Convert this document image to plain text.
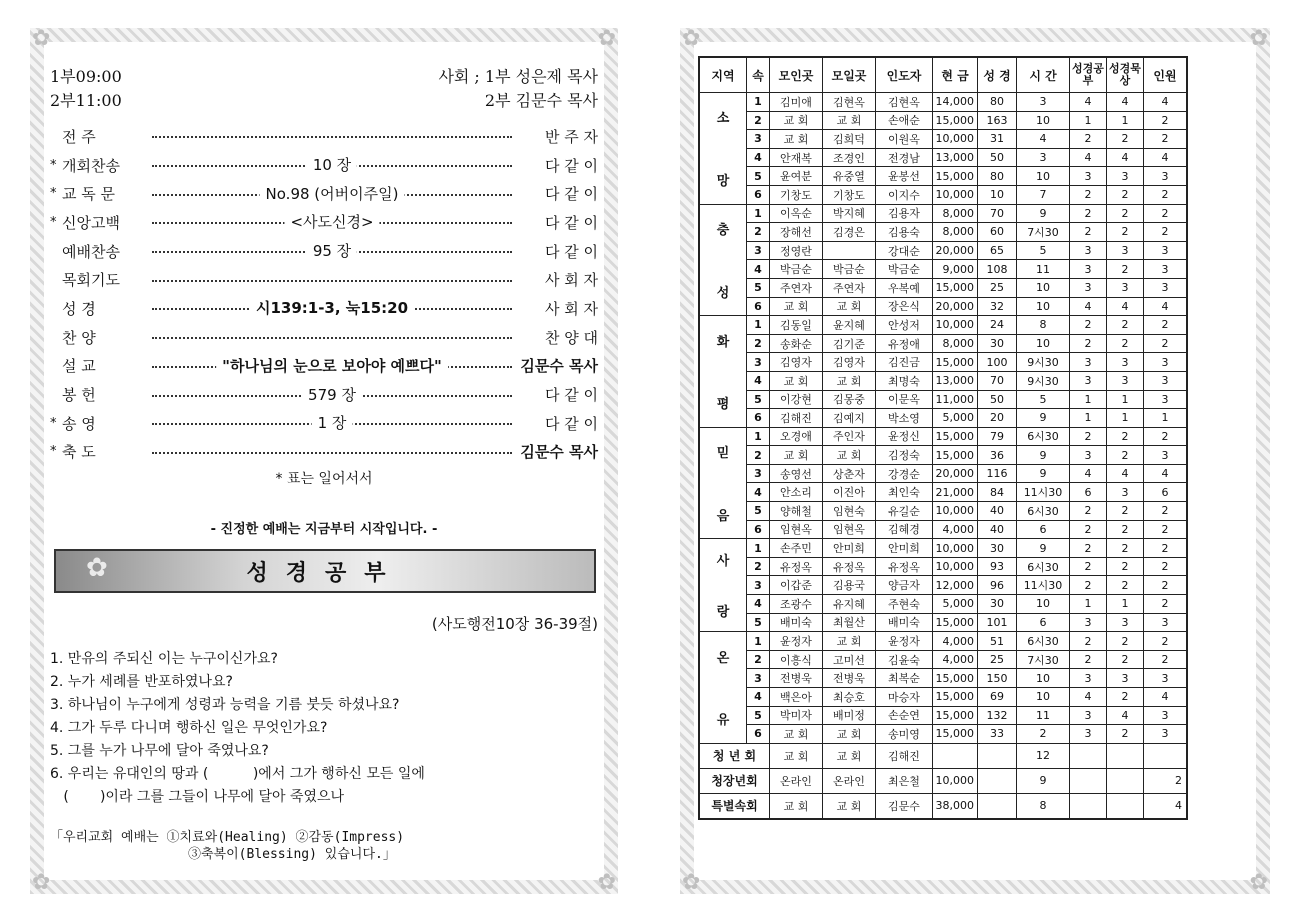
✿	✿
✿	✿
1부09:00	사회 ; 1부 성은제 목사
2부11:00	2부 김문수 목사
전 주	반 주 자
* 개회찬송	10 장	다 같 이
* 교 독 문	No.98 (어버이주일)	다 같 이
* 신앙고백	<사도신경>	다 같 이
예배찬송	95 장	다 같 이
목회기도	사 회 자
성 경	시139:1-3, 눅15:20	사 회 자
찬 양	찬 양 대
설 교	"하나님의 눈으로 보아야 예쁘다"	김문수 목사
봉 헌	579 장	다 같 이
* 송 영	1 장	다 같 이
* 축 도	김문수 목사
* 표는 일어서서
- 진정한 예배는 지금부터 시작입니다. -
✿	성경공부
(사도행전10장 36-39절)
1. 만유의 주되신 이는 누구이신가요?
2. 누가 세례를 반포하였나요?
3. 하나님이 누구에게 성령과 능력을 기름 붓듯 하셨나요?
4. 그가 두루 다니며 행하신 일은 무엇인가요?
5. 그를 누가 나무에 달아 죽였나요?
6. 우리는 유대인의 땅과 (          )에서 그가 행하신 모든 일에
(       )이라 그를 그들이 나무에 달아 죽였으나
「우리교회 예배는 ①치료와(Healing) ②감동(Impress)
③축복이(Blessing) 있습니다.」
✿	✿
✿	✿
지역	속	모인곳	모일곳	인도자	현 금	성 경	시 간	성경공부	성경묵상	인원

소
망	1	김미애	김현옥	김현옥	14,000	80	3	4	4	4
	2	교 회	교 회	손애순	15,000	163	10	1	1	2
	3	교 회	김희덕	이원옥	10,000	31	4	2	2	2
	4	안재복	조경인	전경남	13,000	50	3	4	4	4
	5	윤여분	유중열	윤봉선	15,000	80	10	3	3	3
	6	기창도	기창도	이지수	10,000	10	7	2	2	2

충
성	1	이옥순	박지혜	김용자	8,000	70	9	2	2	2
	2	장해선	김경은	김용숙	8,000	60	7시30	2	2	2
	3	정영란		강대순	20,000	65	5	3	3	3
	4	박금순	박금순	박금순	9,000	108	11	3	2	3
	5	주연자	주연자	우복예	15,000	25	10	3	3	3
	6	교 회	교 회	장은식	20,000	32	10	4	4	4

화
평	1	김동일	윤지혜	안성저	10,000	24	8	2	2	2
	2	송화순	김기준	유정애	8,000	30	10	2	2	2
	3	김영자	김영자	김진금	15,000	100	9시30	3	3	3
	4	교 회	교 회	최명숙	13,000	70	9시30	3	3	3
	5	이강현	김몽중	이문옥	11,000	50	5	1	1	3
	6	김해진	김예지	박소영	5,000	20	9	1	1	1

믿
음	1	오경애	주인자	윤정신	15,000	79	6시30	2	2	2
	2	교 회	교 회	김정숙	15,000	36	9	3	2	3
	3	송영선	상춘자	강경순	20,000	116	9	4	4	4
	4	안소리	이진아	최인숙	21,000	84	11시30	6	3	6
	5	양해철	임현숙	유길순	10,000	40	6시30	2	2	2
	6	임현옥	임현옥	김혜경	4,000	40	6	2	2	2

사
랑	1	손주민	안미희	안미희	10,000	30	9	2	2	2
	2	유정옥	유정옥	유정옥	10,000	93	6시30	2	2	2
	3	이갑준	김용국	양금자	12,000	96	11시30	2	2	2
	4	조광수	유지혜	주현숙	5,000	30	10	1	1	2
	5	배미숙	최월산	배미숙	15,000	101	6	3	3	3

온
유	1	윤정자	교 회	윤정자	4,000	51	6시30	2	2	2
	2	이흥식	고미선	김윤숙	4,000	25	7시30	2	2	2
	3	전병욱	전병욱	최복순	15,000	150	10	3	3	3
	4	백은아	최승호	마승자	15,000	69	10	4	2	4
	5	박미자	배미정	손순연	15,000	132	11	3	4	3
	6	교 회	교 회	송미영	15,000	33	2	3	2	3
청 년 회		교 회	교 회	김해진			12			
청장년회		온라인	온라인	최은철	10,000		9			2
특별속회		교 회	교 회	김문수	38,000		8			4
